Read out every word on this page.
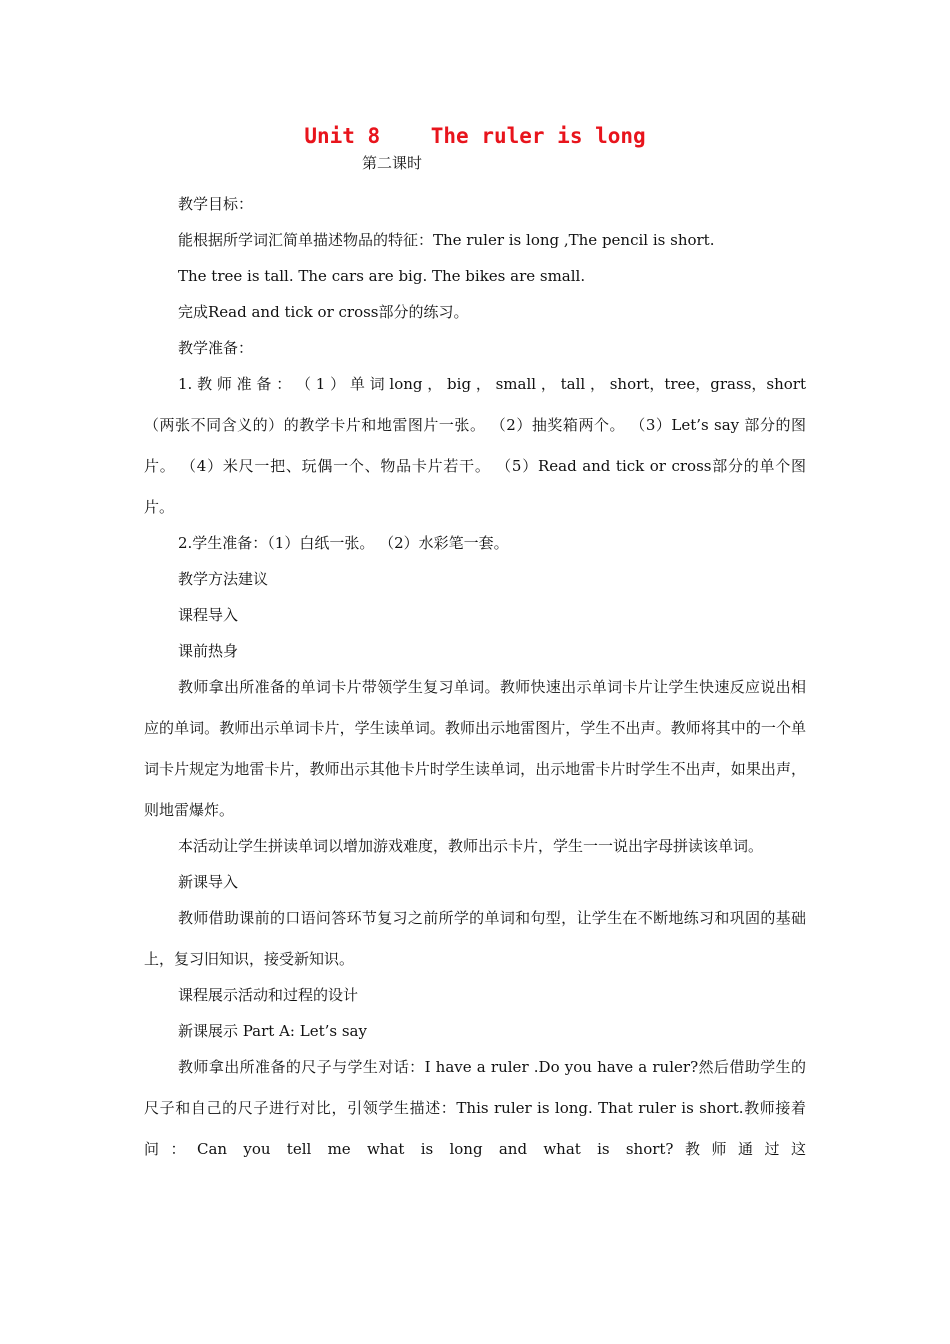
Unit 8    The ruler is long

第二课时

教学目标：

能根据所学词汇简单描述物品的特征：The ruler is long ,The pencil is short.

The tree is tall. The cars are big. The bikes are small.

完成Read and tick or cross部分的练习。

教学准备：

1. 教 师 准 备 ： （ 1 ） 单 词 long ， big ， small ， tall ， short，tree，grass，short（两张不同含义的）的教学卡片和地雷图片一张。 （2）抽奖箱两个。 （3）Let’s say 部分的图片。 （4）米尺一把、玩偶一个、物品卡片若干。 （5）Read and tick or cross部分的单个图片。

2.学生准备：（1）白纸一张。 （2）水彩笔一套。

教学方法建议

课程导入

课前热身

教师拿出所准备的单词卡片带领学生复习单词。教师快速出示单词卡片让学生快速反应说出相应的单词。教师出示单词卡片，学生读单词。教师出示地雷图片，学生不出声。教师将其中的一个单词卡片规定为地雷卡片，教师出示其他卡片时学生读单词，出示地雷卡片时学生不出声，如果出声，则地雷爆炸。

本活动让学生拼读单词以增加游戏难度，教师出示卡片，学生一一说出字母拼读该单词。

新课导入

教师借助课前的口语问答环节复习之前所学的单词和句型，让学生在不断地练习和巩固的基础上，复习旧知识，接受新知识。

课程展示活动和过程的设计

新课展示 Part A: Let’s say

教师拿出所准备的尺子与学生对话：I have a ruler .Do you have a ruler?然后借助学生的尺子和自己的尺子进行对比，引领学生描述：This ruler is long. That ruler is short.教师接着问：Can you tell me what is long and what is short?教师通过这
